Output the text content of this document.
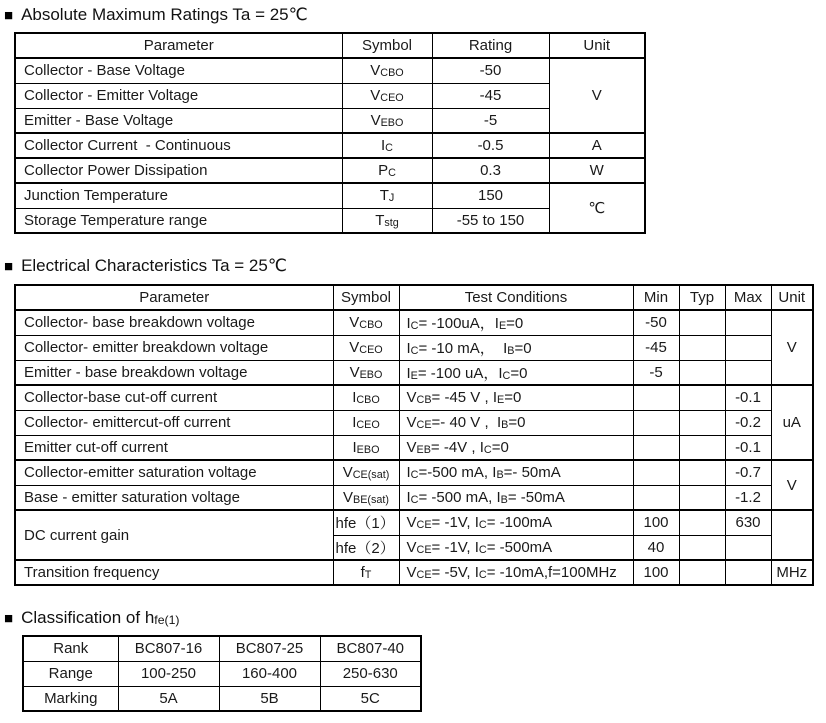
■ Absolute Maximum Ratings Ta = 25℃
Parameter	Symbol	Rating	Unit
Collector - Base Voltage	VCBO	-50	V
Collector - Emitter Voltage	VCEO	-45	
Emitter - Base Voltage	VEBO	-5	
Collector Current  - Continuous	IC	-0.5	A
Collector Power Dissipation	PC	0.3	W
Junction Temperature	TJ	150	℃
Storage Temperature range	Tstg	-55 to 150	
■ Electrical Characteristics Ta = 25℃
Parameter	Symbol	Test Conditions	Min	Typ	Max	Unit
Collector- base breakdown voltage	VCBO	IC= -100uA，IE=0	-50			V
Collector- emitter breakdown voltage	VCEO	IC= -10 mA，  IB=0	-45			
Emitter - base breakdown voltage	VEBO	IE= -100 uA，IC=0	-5			
Collector-base cut-off current	ICBO	VCB= -45 V , IE=0			-0.1	uA
Collector- emittercut-off current	ICEO	VCE=- 40 V ,  IB=0			-0.2	
Emitter cut-off current	IEBO	VEB= -4V , IC=0			-0.1	
Collector-emitter saturation voltage	VCE(sat)	IC=-500 mA, IB=- 50mA			-0.7	V
Base - emitter saturation voltage	VBE(sat)	IC= -500 mA, IB= -50mA			-1.2	
DC current gain	hfe（1）	VCE= -1V, IC= -100mA	100		630	
	hfe（2）	VCE= -1V, IC= -500mA	40			
Transition frequency	fT	VCE= -5V, IC= -10mA,f=100MHz	100			MHz
■ Classification of hfe(1)
Rank	BC807-16	BC807-25	BC807-40
Range	100-250	160-400	250-630
Marking	5A	5B	5C
